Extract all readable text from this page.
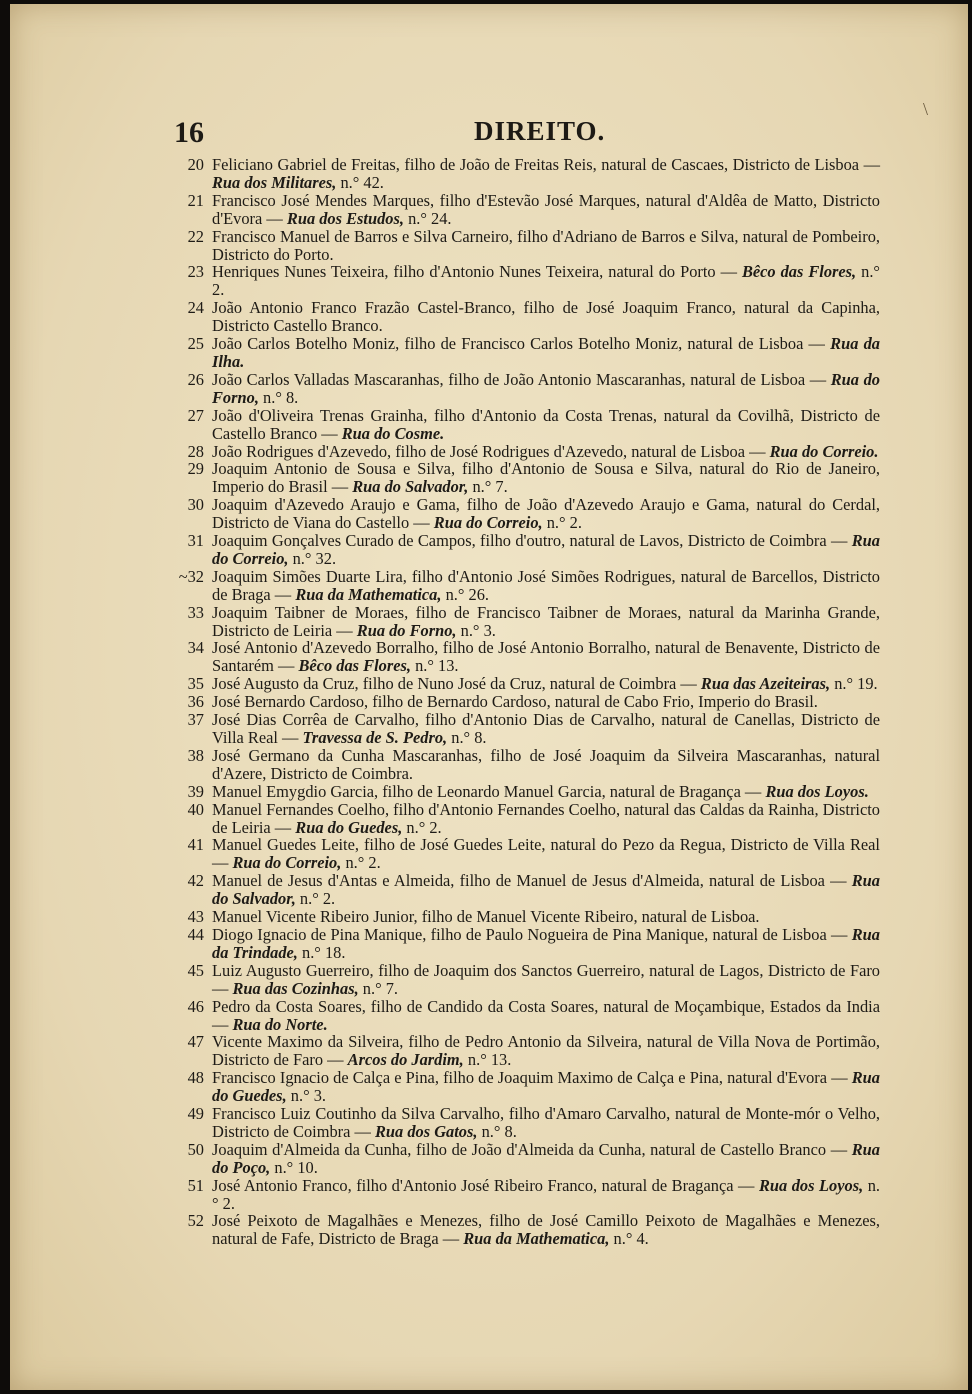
\
16	DIREITO.
20 Feliciano Gabriel de Freitas, filho de João de Freitas Reis, natural de Cascaes, Districto de Lisboa — Rua dos Militares, n.° 42.
21 Francisco José Mendes Marques, filho d'Estevão José Marques, natural d'Aldêa de Matto, Districto d'Evora — Rua dos Estudos, n.° 24.
22 Francisco Manuel de Barros e Silva Carneiro, filho d'Adriano de Barros e Silva, natural de Pombeiro, Districto do Porto.
23 Henriques Nunes Teixeira, filho d'Antonio Nunes Teixeira, natural do Porto — Bêco das Flores, n.° 2.
24 João Antonio Franco Frazão Castel-Branco, filho de José Joaquim Franco, natural da Capinha, Districto Castello Branco.
25 João Carlos Botelho Moniz, filho de Francisco Carlos Botelho Moniz, natural de Lisboa — Rua da Ilha.
26 João Carlos Valladas Mascaranhas, filho de João Antonio Mascaranhas, natural de Lisboa — Rua do Forno, n.° 8.
27 João d'Oliveira Trenas Grainha, filho d'Antonio da Costa Trenas, natural da Covilhã, Districto de Castello Branco — Rua do Cosme.
28 João Rodrigues d'Azevedo, filho de José Rodrigues d'Azevedo, natural de Lisboa — Rua do Correio.
29 Joaquim Antonio de Sousa e Silva, filho d'Antonio de Sousa e Silva, natural do Rio de Janeiro, Imperio do Brasil — Rua do Salvador, n.° 7.
30 Joaquim d'Azevedo Araujo e Gama, filho de João d'Azevedo Araujo e Gama, natural do Cerdal, Districto de Viana do Castello — Rua do Correio, n.° 2.
31 Joaquim Gonçalves Curado de Campos, filho d'outro, natural de Lavos, Districto de Coimbra — Rua do Correio, n.° 32.
~32 Joaquim Simões Duarte Lira, filho d'Antonio José Simões Rodrigues, natural de Barcellos, Districto de Braga — Rua da Mathematica, n.° 26.
33 Joaquim Taibner de Moraes, filho de Francisco Taibner de Moraes, natural da Marinha Grande, Districto de Leiria — Rua do Forno, n.° 3.
34 José Antonio d'Azevedo Borralho, filho de José Antonio Borralho, natural de Benavente, Districto de Santarém — Bêco das Flores, n.° 13.
35 José Augusto da Cruz, filho de Nuno José da Cruz, natural de Coimbra — Rua das Azeiteiras, n.° 19.
36 José Bernardo Cardoso, filho de Bernardo Cardoso, natural de Cabo Frio, Imperio do Brasil.
37 José Dias Corrêa de Carvalho, filho d'Antonio Dias de Carvalho, natural de Canellas, Districto de Villa Real — Travessa de S. Pedro, n.° 8.
38 José Germano da Cunha Mascaranhas, filho de José Joaquim da Silveira Mascaranhas, natural d'Azere, Districto de Coimbra.
39 Manuel Emygdio Garcia, filho de Leonardo Manuel Garcia, natural de Bragança — Rua dos Loyos.
40 Manuel Fernandes Coelho, filho d'Antonio Fernandes Coelho, natural das Caldas da Rainha, Districto de Leiria — Rua do Guedes, n.° 2.
41 Manuel Guedes Leite, filho de José Guedes Leite, natural do Pezo da Regua, Districto de Villa Real — Rua do Correio, n.° 2.
42 Manuel de Jesus d'Antas e Almeida, filho de Manuel de Jesus d'Almeida, natural de Lisboa — Rua do Salvador, n.° 2.
43 Manuel Vicente Ribeiro Junior, filho de Manuel Vicente Ribeiro, natural de Lisboa.
44 Diogo Ignacio de Pina Manique, filho de Paulo Nogueira de Pina Manique, natural de Lisboa — Rua da Trindade, n.° 18.
45 Luiz Augusto Guerreiro, filho de Joaquim dos Sanctos Guerreiro, natural de Lagos, Districto de Faro — Rua das Cozinhas, n.° 7.
46 Pedro da Costa Soares, filho de Candido da Costa Soares, natural de Moçambique, Estados da India — Rua do Norte.
47 Vicente Maximo da Silveira, filho de Pedro Antonio da Silveira, natural de Villa Nova de Portimão, Districto de Faro — Arcos do Jardim, n.° 13.
48 Francisco Ignacio de Calça e Pina, filho de Joaquim Maximo de Calça e Pina, natural d'Evora — Rua do Guedes, n.° 3.
49 Francisco Luiz Coutinho da Silva Carvalho, filho d'Amaro Carvalho, natural de Monte-mór o Velho, Districto de Coimbra — Rua dos Gatos, n.° 8.
50 Joaquim d'Almeida da Cunha, filho de João d'Almeida da Cunha, natural de Castello Branco — Rua do Poço, n.° 10.
51 José Antonio Franco, filho d'Antonio José Ribeiro Franco, natural de Bragança — Rua dos Loyos, n.° 2.
52 José Peixoto de Magalhães e Menezes, filho de José Camillo Peixoto de Magalhães e Menezes, natural de Fafe, Districto de Braga — Rua da Mathematica, n.° 4.
